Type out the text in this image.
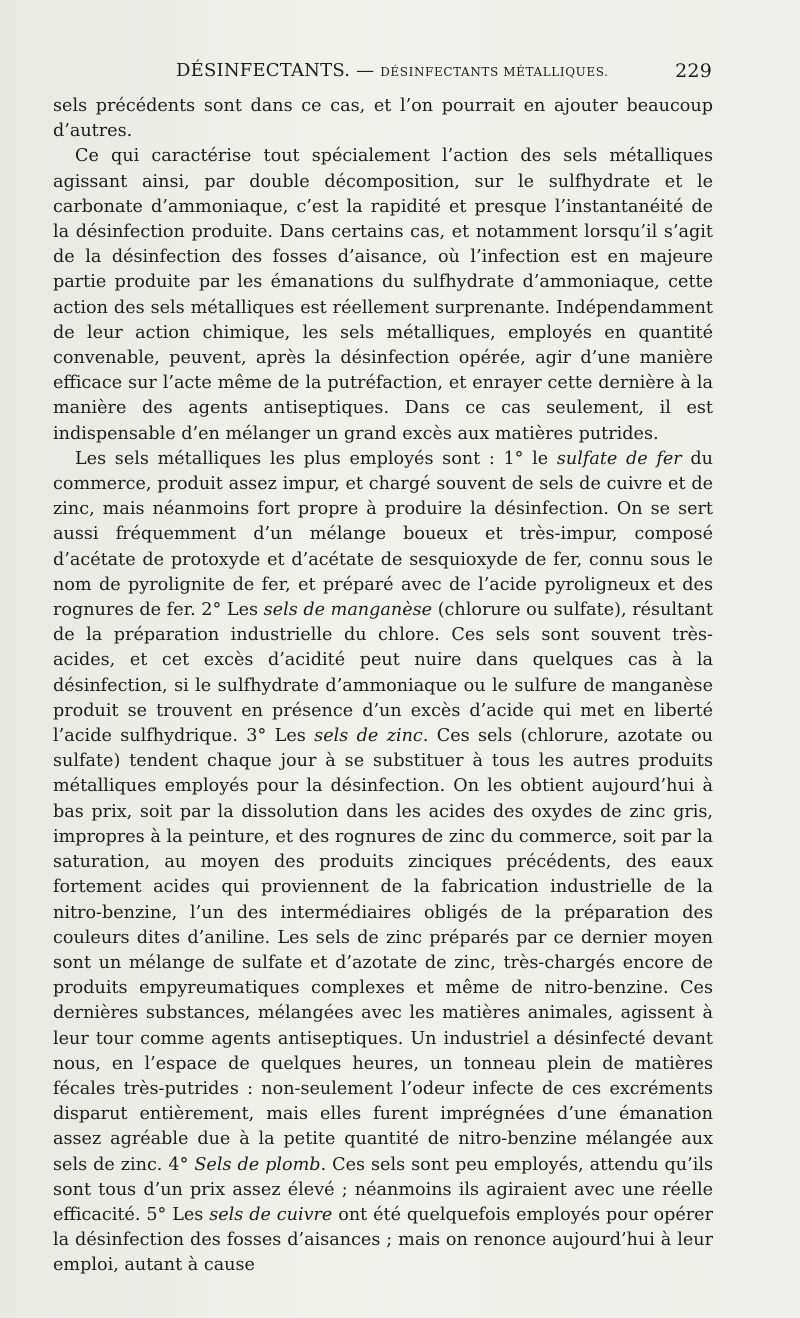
DÉSINFECTANTS. — DÉSINFECTANTS MÉTALLIQUES.	229

sels précédents sont dans ce cas, et l’on pourrait en ajouter beaucoup d’autres.

Ce qui caractérise tout spécialement l’action des sels métalliques agissant ainsi, par double décomposition, sur le sulfhydrate et le carbonate d’ammoniaque, c’est la rapidité et presque l’instantanéité de la désinfection produite. Dans certains cas, et notamment lorsqu’il s’agit de la désinfection des fosses d’aisance, où l’infection est en majeure partie produite par les émanations du sulfhydrate d’ammoniaque, cette action des sels métalliques est réellement surprenante. Indépendamment de leur action chimique, les sels métalliques, employés en quantité convenable, peuvent, après la désinfection opérée, agir d’une manière efficace sur l’acte même de la putréfaction, et enrayer cette dernière à la manière des agents antiseptiques. Dans ce cas seulement, il est indispensable d’en mélanger un grand excès aux matières putrides.

Les sels métalliques les plus employés sont : 1° le sulfate de fer du commerce, produit assez impur, et chargé souvent de sels de cuivre et de zinc, mais néanmoins fort propre à produire la désinfection. On se sert aussi fréquemment d’un mélange boueux et très-impur, composé d’acétate de protoxyde et d’acétate de sesquioxyde de fer, connu sous le nom de pyrolignite de fer, et préparé avec de l’acide pyroligneux et des rognures de fer. 2° Les sels de manganèse (chlorure ou sulfate), résultant de la préparation industrielle du chlore. Ces sels sont souvent très-acides, et cet excès d’acidité peut nuire dans quelques cas à la désinfection, si le sulfhydrate d’ammoniaque ou le sulfure de manganèse produit se trouvent en présence d’un excès d’acide qui met en liberté l’acide sulfhydrique. 3° Les sels de zinc. Ces sels (chlorure, azotate ou sulfate) tendent chaque jour à se substituer à tous les autres produits métalliques employés pour la désinfection. On les obtient aujourd’hui à bas prix, soit par la dissolution dans les acides des oxydes de zinc gris, impropres à la peinture, et des rognures de zinc du commerce, soit par la saturation, au moyen des produits zinciques précédents, des eaux fortement acides qui proviennent de la fabrication industrielle de la nitro-benzine, l’un des intermédiaires obligés de la préparation des couleurs dites d’aniline. Les sels de zinc préparés par ce dernier moyen sont un mélange de sulfate et d’azotate de zinc, très-chargés encore de produits empyreumatiques complexes et même de nitro-benzine. Ces dernières substances, mélangées avec les matières animales, agissent à leur tour comme agents antiseptiques. Un industriel a désinfecté devant nous, en l’espace de quelques heures, un tonneau plein de matières fécales très-putrides : non-seulement l’odeur infecte de ces excréments disparut entièrement, mais elles furent imprégnées d’une émanation assez agréable due à la petite quantité de nitro-benzine mélangée aux sels de zinc. 4° Sels de plomb. Ces sels sont peu employés, attendu qu’ils sont tous d’un prix assez élevé ; néanmoins ils agiraient avec une réelle efficacité. 5° Les sels de cuivre ont été quelquefois employés pour opérer la désinfection des fosses d’aisances ; mais on renonce aujourd’hui à leur emploi, autant à cause
